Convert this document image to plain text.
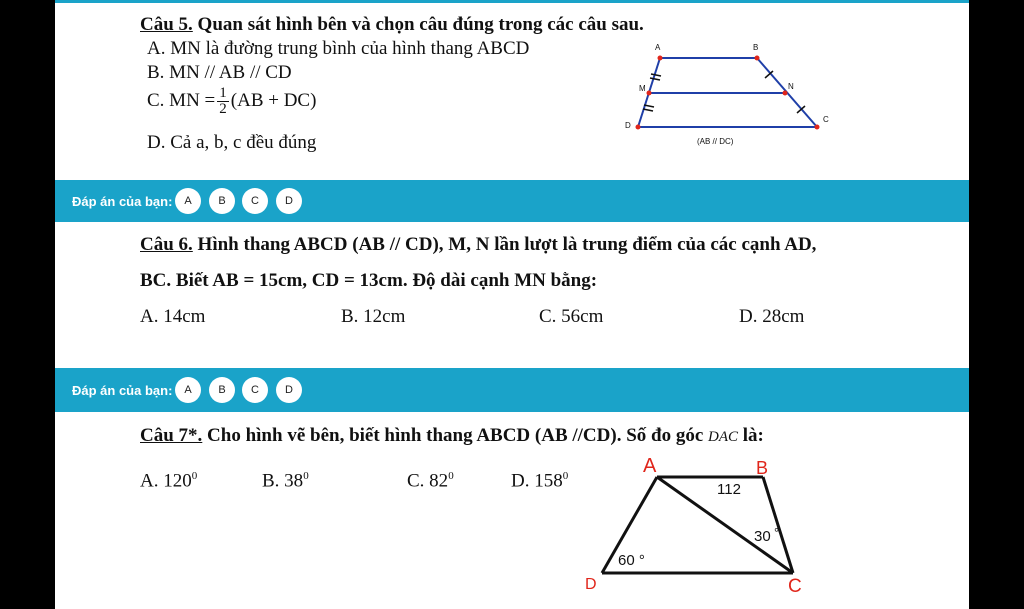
Câu 5. Quan sát hình bên và chọn câu đúng trong các câu sau.
A. MN là đường trung bình của hình thang ABCD
B. MN // AB // CD
C. MN = $\frac{1}{2} (AB + DC)$
D. Cả a, b, c đều đúng
A	B
M	N
D
C
(AB // DC)
Đáp án của bạn:	A	B	C	D
Câu 6. Hình thang ABCD (AB // CD), M, N lần lượt là trung điểm của các cạnh AD,
BC. Biết AB = 15cm, CD = 13cm. Độ dài cạnh MN bằng:
A. 14cm	B. 12cm	C. 56cm	D. 28cm
Đáp án của bạn:	A	B	C	D
Câu 7*. Cho hình vẽ bên, biết hình thang ABCD (AB //CD). Số đo góc DAC là:
A. $120^0$	B. $38^0$	C. $82^0$	D. $158^0$	A	B
D	C
112
30 °
60 °
